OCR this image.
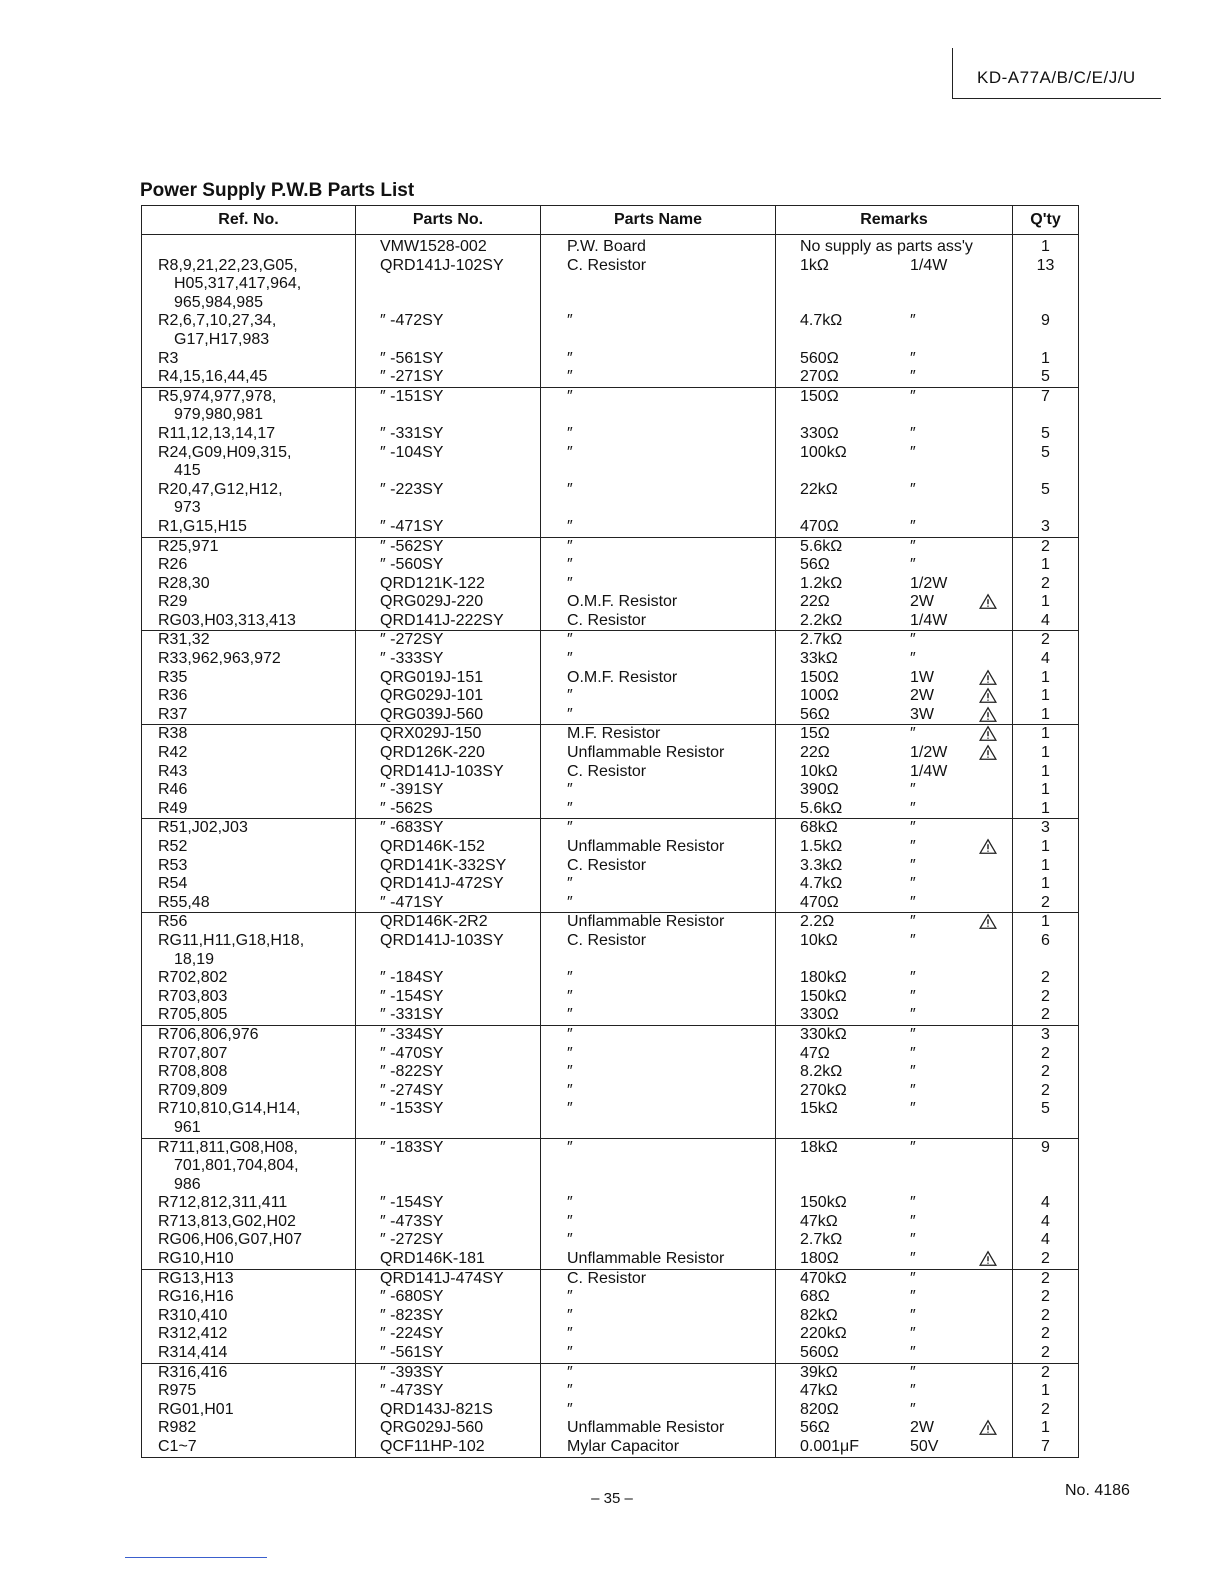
KD-A77A/B/C/E/J/U
Power Supply P.W.B Parts List
Ref. No.	Parts No.	Parts Name	Remarks	Q'ty

	VMW1528-002	P.W. Board	No supply as parts ass'y	1

R8,9,21,22,23,G05,
H05,317,417,964,
965,984,985	QRD141J-102SY	C. Resistor	1kΩ 1/4W	13

R2,6,7,10,27,34,
G17,H17,983	″ -472SY	″	4.7kΩ ″	9

R3	″ -561SY	″	560Ω ″	1

R4,15,16,44,45	″ -271SY	″	270Ω ″	5

R5,974,977,978,
979,980,981	″ -151SY	″	150Ω ″	7

R11,12,13,14,17	″ -331SY	″	330Ω ″	5

R24,G09,H09,315,
415	″ -104SY	″	100kΩ ″	5

R20,47,G12,H12,
973	″ -223SY	″	22kΩ ″	5

R1,G15,H15	″ -471SY	″	470Ω ″	3

R25,971	″ -562SY	″	5.6kΩ ″	2

R26	″ -560SY	″	56Ω ″	1

R28,30	QRD121K-122	″	1.2kΩ 1/2W	2

R29	QRG029J-220	O.M.F. Resistor	22Ω 2W	1

RG03,H03,313,413	QRD141J-222SY	C. Resistor	2.2kΩ 1/4W	4

R31,32	″ -272SY	″	2.7kΩ ″	2

R33,962,963,972	″ -333SY	″	33kΩ ″	4

R35	QRG019J-151	O.M.F. Resistor	150Ω 1W	1

R36	QRG029J-101	″	100Ω 2W	1

R37	QRG039J-560	″	56Ω 3W	1

R38	QRX029J-150	M.F. Resistor	15Ω ″	1

R42	QRD126K-220	Unflammable Resistor	22Ω 1/2W	1

R43	QRD141J-103SY	C. Resistor	10kΩ 1/4W	1

R46	″ -391SY	″	390Ω ″	1

R49	″ -562S	″	5.6kΩ ″	1

R51,J02,J03	″ -683SY	″	68kΩ ″	3

R52	QRD146K-152	Unflammable Resistor	1.5kΩ ″	1

R53	QRD141K-332SY	C. Resistor	3.3kΩ ″	1

R54	QRD141J-472SY	″	4.7kΩ ″	1

R55,48	″ -471SY	″	470Ω ″	2

R56	QRD146K-2R2	Unflammable Resistor	2.2Ω ″	1

RG11,H11,G18,H18,
18,19	QRD141J-103SY	C. Resistor	10kΩ ″	6

R702,802	″ -184SY	″	180kΩ ″	2

R703,803	″ -154SY	″	150kΩ ″	2

R705,805	″ -331SY	″	330Ω ″	2

R706,806,976	″ -334SY	″	330kΩ ″	3

R707,807	″ -470SY	″	47Ω ″	2

R708,808	″ -822SY	″	8.2kΩ ″	2

R709,809	″ -274SY	″	270kΩ ″	2

R710,810,G14,H14,
961	″ -153SY	″	15kΩ ″	5

R711,811,G08,H08,
701,801,704,804,
986	″ -183SY	″	18kΩ ″	9

R712,812,311,411	″ -154SY	″	150kΩ ″	4

R713,813,G02,H02	″ -473SY	″	47kΩ ″	4

RG06,H06,G07,H07	″ -272SY	″	2.7kΩ ″	4

RG10,H10	QRD146K-181	Unflammable Resistor	180Ω ″	2

RG13,H13	QRD141J-474SY	C. Resistor	470kΩ ″	2

RG16,H16	″ -680SY	″	68Ω ″	2

R310,410	″ -823SY	″	82kΩ ″	2

R312,412	″ -224SY	″	220kΩ ″	2

R314,414	″ -561SY	″	560Ω ″	2

R316,416	″ -393SY	″	39kΩ ″	2

R975	″ -473SY	″	47kΩ ″	1

RG01,H01	QRD143J-821S	″	820Ω ″	2

R982	QRG029J-560	Unflammable Resistor	56Ω 2W	1

C1~7	QCF11HP-102	Mylar Capacitor	0.001μF 50V	7
– 35 –	No. 4186
